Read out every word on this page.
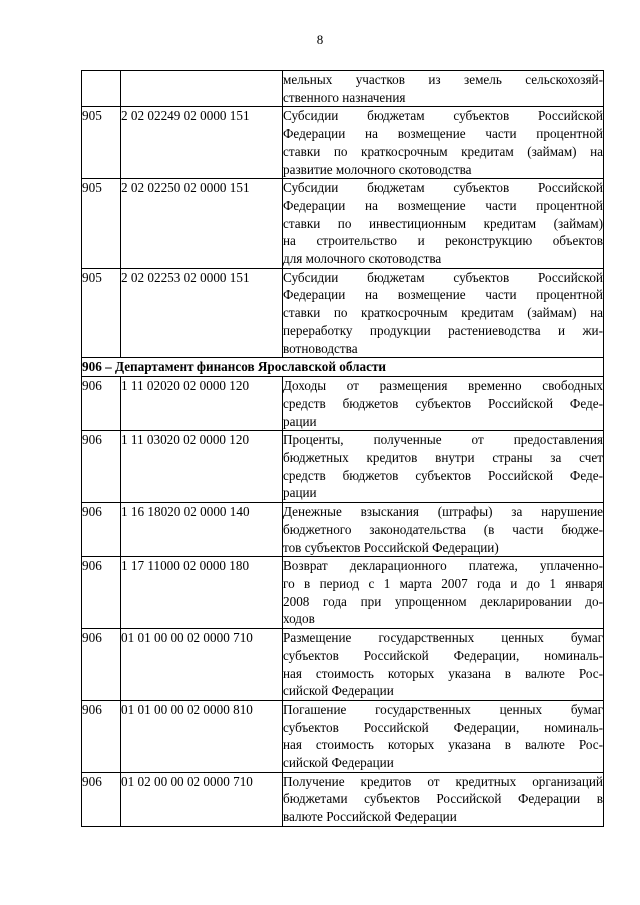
8

		мельных участков из земель сельскохозяй-
ственного назначения

905	2 02 02249 02 0000 151	Субсидии бюджетам субъектов Российской
Федерации на возмещение части процентной
ставки по краткосрочным кредитам (займам) на
развитие молочного скотоводства

905	2 02 02250 02 0000 151	Субсидии бюджетам субъектов Российской
Федерации на возмещение части процентной
ставки по инвестиционным кредитам (займам)
на строительство и реконструкцию объектов
для молочного скотоводства

905	2 02 02253 02 0000 151	Субсидии бюджетам субъектов Российской
Федерации на возмещение части процентной
ставки по краткосрочным кредитам (займам) на
переработку продукции растениеводства и жи-
вотноводства

906 – Департамент финансов Ярославской области		
906	1 11 02020 02 0000 120	Доходы от размещения временно свободных
средств бюджетов субъектов Российской Феде-
рации

906	1 11 03020 02 0000 120	Проценты, полученные от предоставления
бюджетных кредитов внутри страны за счет
средств бюджетов субъектов Российской Феде-
рации

906	1 16 18020 02 0000 140	Денежные взыскания (штрафы) за нарушение
бюджетного законодательства (в части бюдже-
тов субъектов Российской Федерации)

906	1 17 11000 02 0000 180	Возврат декларационного платежа, уплаченно-
го в период с 1 марта 2007 года и до 1 января
2008 года при упрощенном декларировании до-
ходов

906	01 01 00 00 02 0000 710	Размещение государственных ценных бумаг
субъектов Российской Федерации, номиналь-
ная стоимость которых указана в валюте Рос-
сийской Федерации

906	01 01 00 00 02 0000 810	Погашение государственных ценных бумаг
субъектов Российской Федерации, номиналь-
ная стоимость которых указана в валюте Рос-
сийской Федерации

906	01 02 00 00 02 0000 710	Получение кредитов от кредитных организаций
бюджетами субъектов Российской Федерации в
валюте Российской Федерации
